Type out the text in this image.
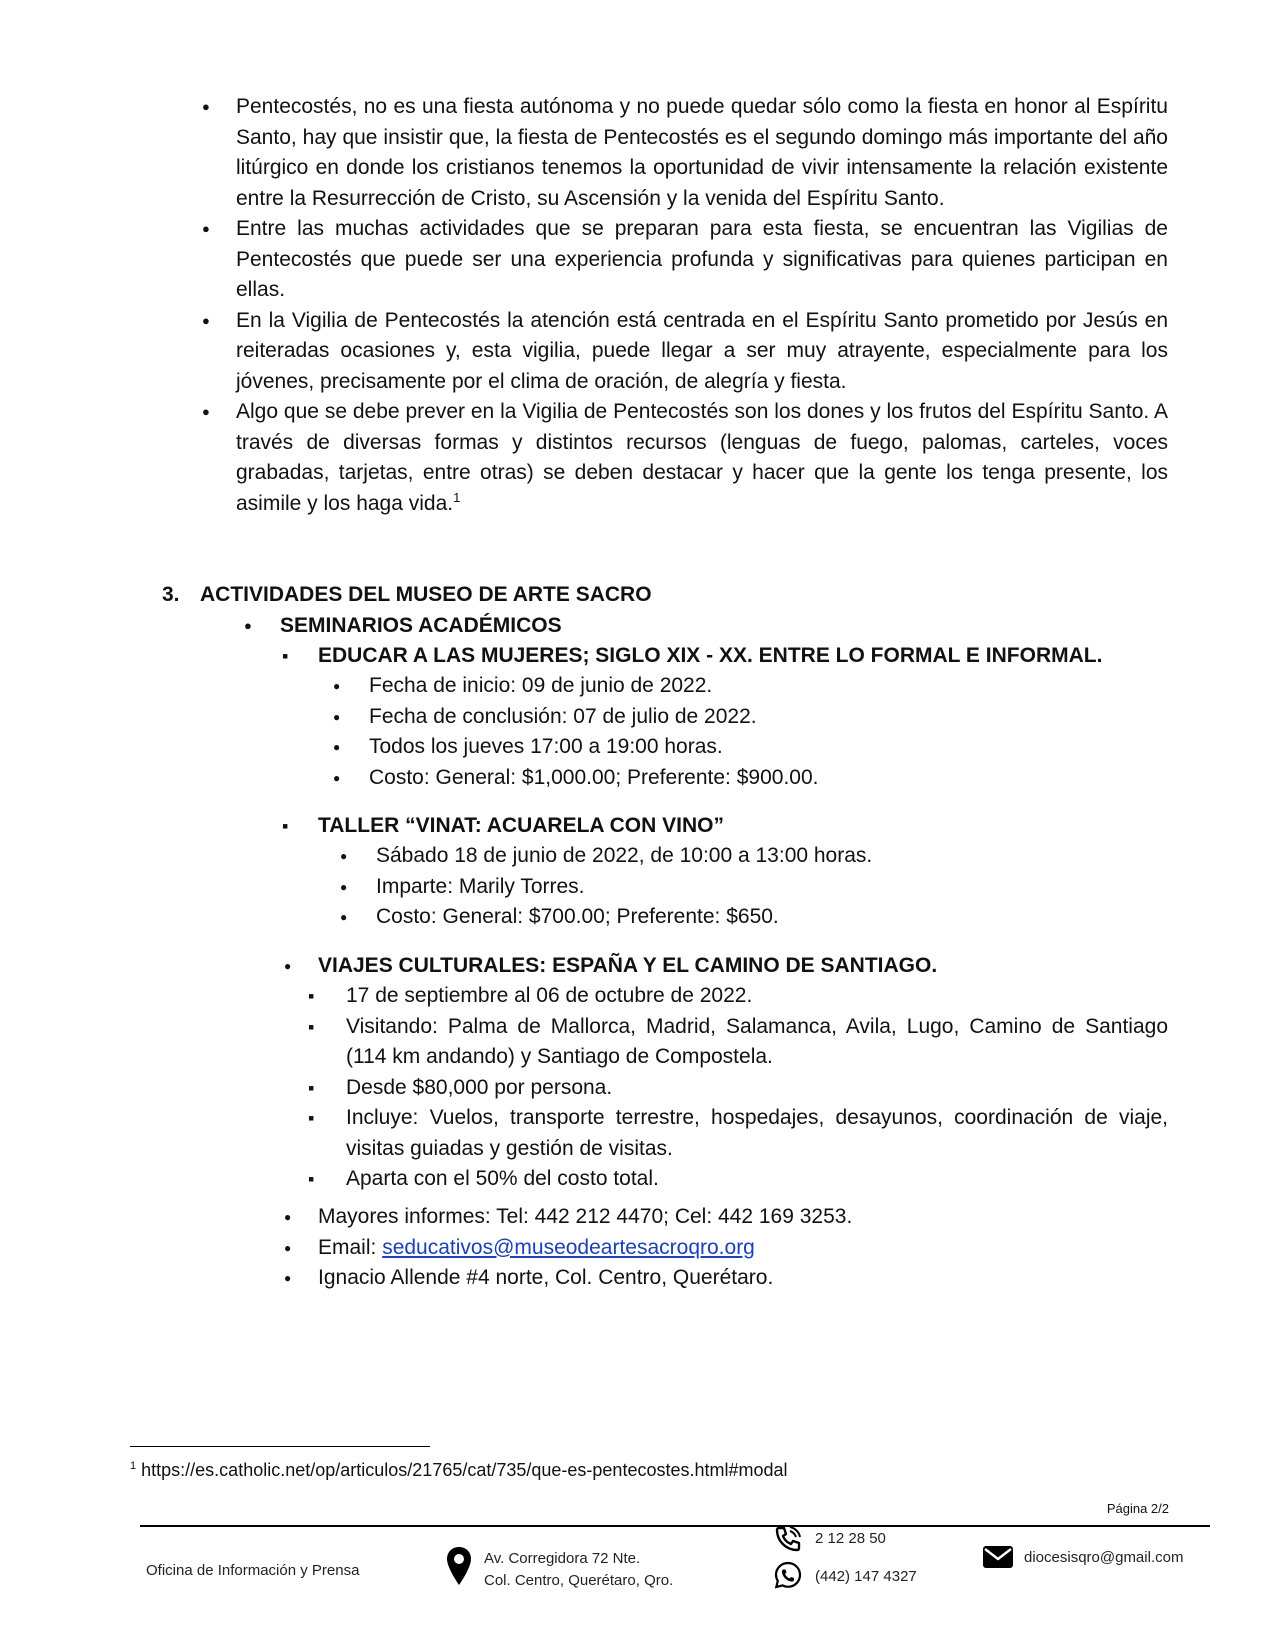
● Pentecostés, no es una fiesta autónoma y no puede quedar sólo como la fiesta en honor al Espíritu Santo, hay que insistir que, la fiesta de Pentecostés es el segundo domingo más importante del año litúrgico en donde los cristianos tenemos la oportunidad de vivir intensamente la relación existente entre la Resurrección de Cristo, su Ascensión y la venida del Espíritu Santo.
● Entre las muchas actividades que se preparan para esta fiesta, se encuentran las Vigilias de Pentecostés que puede ser una experiencia profunda y significativas para quienes participan en ellas.
● En la Vigilia de Pentecostés la atención está centrada en el Espíritu Santo prometido por Jesús en reiteradas ocasiones y, esta vigilia, puede llegar a ser muy atrayente, especialmente para los jóvenes, precisamente por el clima de oración, de alegría y fiesta.
● Algo que se debe prever en la Vigilia de Pentecostés son los dones y los frutos del Espíritu Santo. A través de diversas formas y distintos recursos (lenguas de fuego, palomas, carteles, voces grabadas, tarjetas, entre otras) se deben destacar y hacer que la gente los tenga presente, los asimile y los haga vida.$^1$
3. ACTIVIDADES DEL MUSEO DE ARTE SACRO
● SEMINARIOS ACADÉMICOS
▪ EDUCAR A LAS MUJERES; SIGLO XIX - XX. ENTRE LO FORMAL E INFORMAL.
● Fecha de inicio: 09 de junio de 2022.
● Fecha de conclusión: 07 de julio de 2022.
● Todos los jueves 17:00 a 19:00 horas.
● Costo: General: $1,000.00; Preferente: $900.00.
▪ TALLER “VINAT: ACUARELA CON VINO”
● Sábado 18 de junio de 2022, de 10:00 a 13:00 horas.
● Imparte: Marily Torres.
● Costo: General: $700.00; Preferente: $650.
● VIAJES CULTURALES: ESPAÑA Y EL CAMINO DE SANTIAGO.
▪ 17 de septiembre al 06 de octubre de 2022.
▪ Visitando: Palma de Mallorca, Madrid, Salamanca, Avila, Lugo, Camino de Santiago (114 km andando) y Santiago de Compostela.
▪ Desde $80,000 por persona.
▪ Incluye: Vuelos, transporte terrestre, hospedajes, desayunos, coordinación de viaje, visitas guiadas y gestión de visitas.
▪ Aparta con el 50% del costo total.
● Mayores informes: Tel: 442 212 4470; Cel: 442 169 3253.
● Email: seducativos@museodeartesacroqro.org
● Ignacio Allende #4 norte, Col. Centro, Querétaro.
$^1$ https://es.catholic.net/op/articulos/21765/cat/735/que-es-pentecostes.html#modal
Página 2/2
Oficina de Información y Prensa
Av. Corregidora 72 Nte.
Col. Centro, Querétaro, Qro.
2 12 28 50
(442) 147 4327
diocesisqro@gmail.com
